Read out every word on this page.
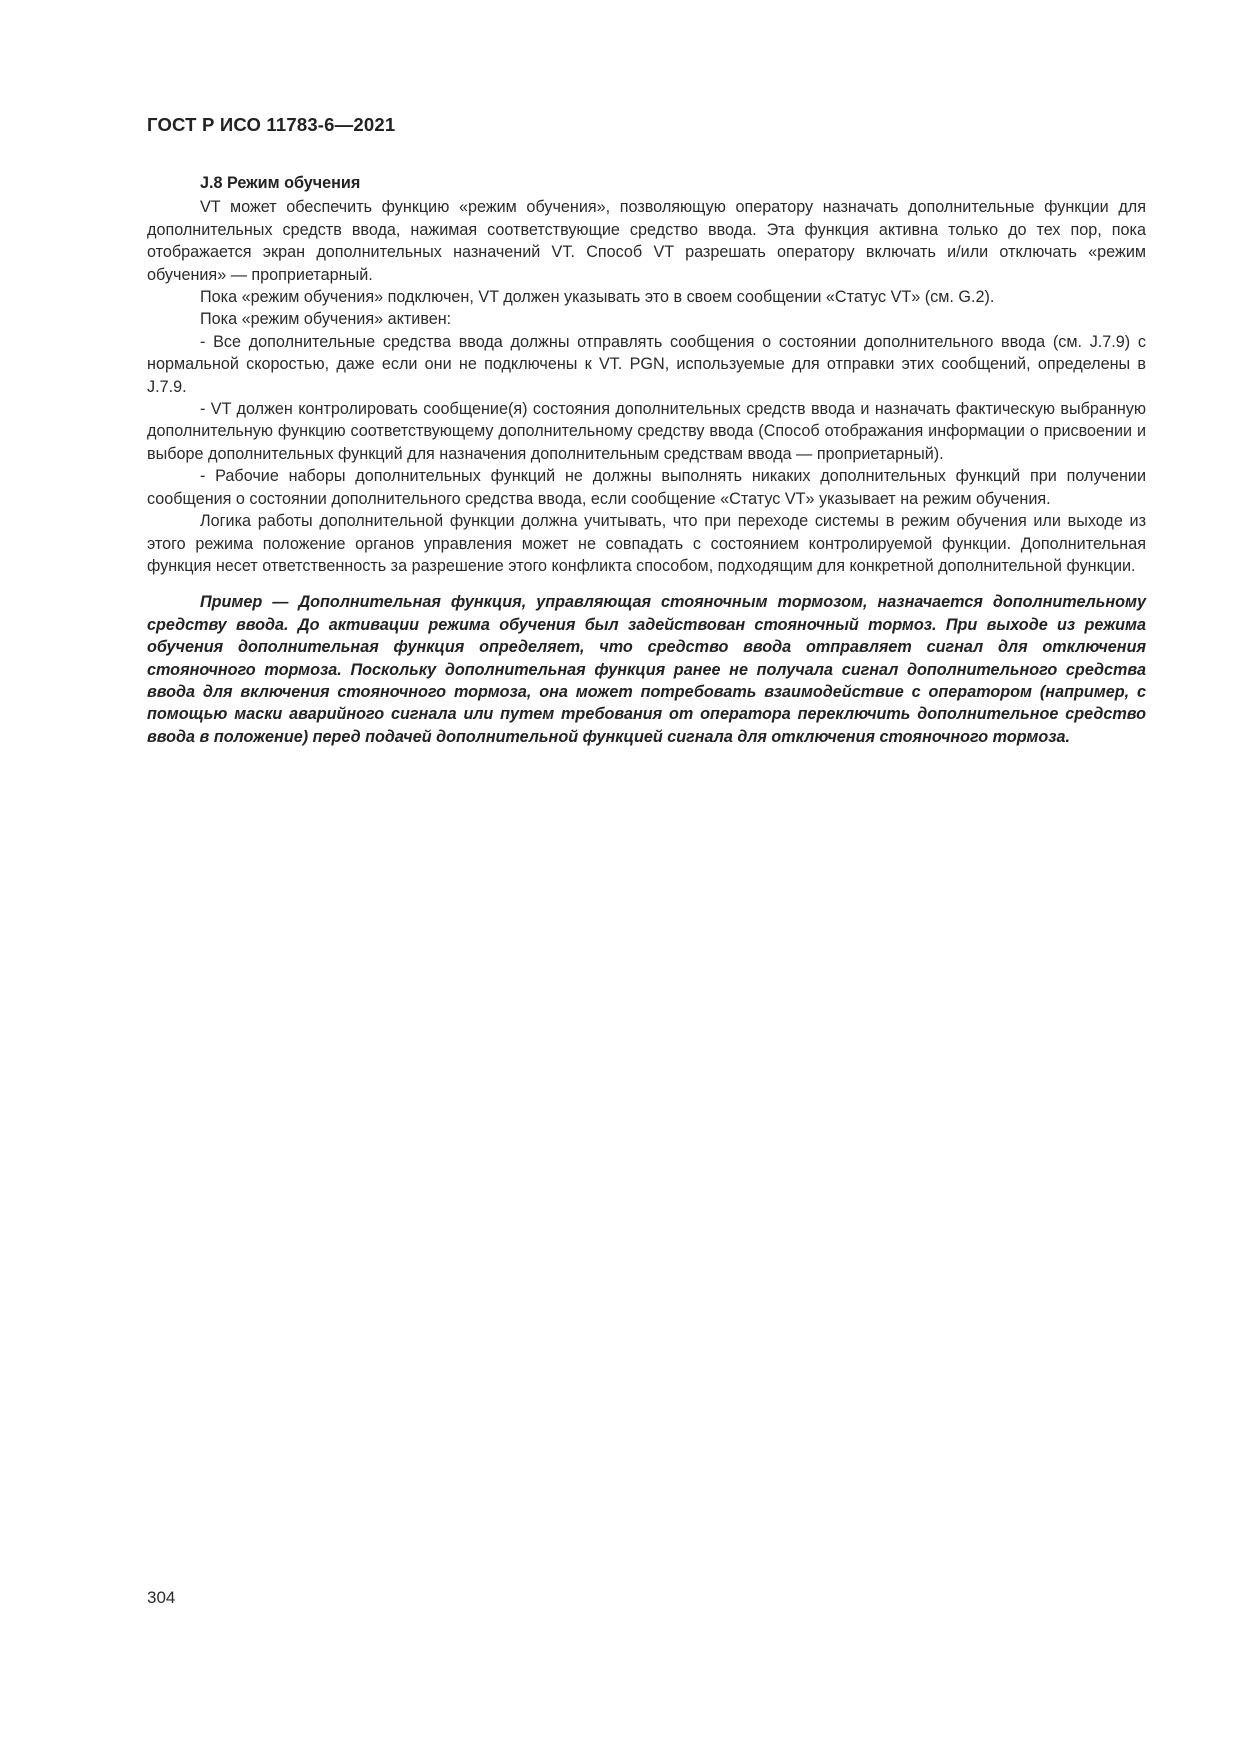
ГОСТ Р ИСО 11783-6—2021
J.8 Режим обучения

VT может обеспечить функцию «режим обучения», позволяющую оператору назначать дополнительные функции для дополнительных средств ввода, нажимая соответствующие средство ввода. Эта функция активна только до тех пор, пока отображается экран дополнительных назначений VT. Способ VT разрешать оператору включать и/или отключать «режим обучения» — проприетарный.

Пока «режим обучения» подключен, VT должен указывать это в своем сообщении «Статус VT» (см. G.2).

Пока «режим обучения» активен:

- Все дополнительные средства ввода должны отправлять сообщения о состоянии дополнительного ввода (см. J.7.9) с нормальной скоростью, даже если они не подключены к VT. PGN, используемые для отправки этих сообщений, определены в J.7.9.

- VT должен контролировать сообщение(я) состояния дополнительных средств ввода и назначать фактическую выбранную дополнительную функцию соответствующему дополнительному средству ввода (Способ отображания информации о присвоении и выборе дополнительных функций для назначения дополнительным средствам ввода — проприетарный).

- Рабочие наборы дополнительных функций не должны выполнять никаких дополнительных функций при получении сообщения о состоянии дополнительного средства ввода, если сообщение «Статус VT» указывает на режим обучения.

Логика работы дополнительной функции должна учитывать, что при переходе системы в режим обучения или выходе из этого режима положение органов управления может не совпадать с состоянием контролируемой функции. Дополнительная функция несет ответственность за разрешение этого конфликта способом, подходящим для конкретной дополнительной функции.

Пример — Дополнительная функция, управляющая стояночным тормозом, назначается дополнительному средству ввода. До активации режима обучения был задействован стояночный тормоз. При выходе из режима обучения дополнительная функция определяет, что средство ввода отправляет сигнал для отключения стояночного тормоза. Поскольку дополнительная функция ранее не получала сигнал дополнительного средства ввода для включения стояночного тормоза, она может потребовать взаимодействие с оператором (например, с помощью маски аварийного сигнала или путем требования от оператора переключить дополнительное средство ввода в положение) перед подачей дополнительной функцией сигнала для отключения стояночного тормоза.

304
